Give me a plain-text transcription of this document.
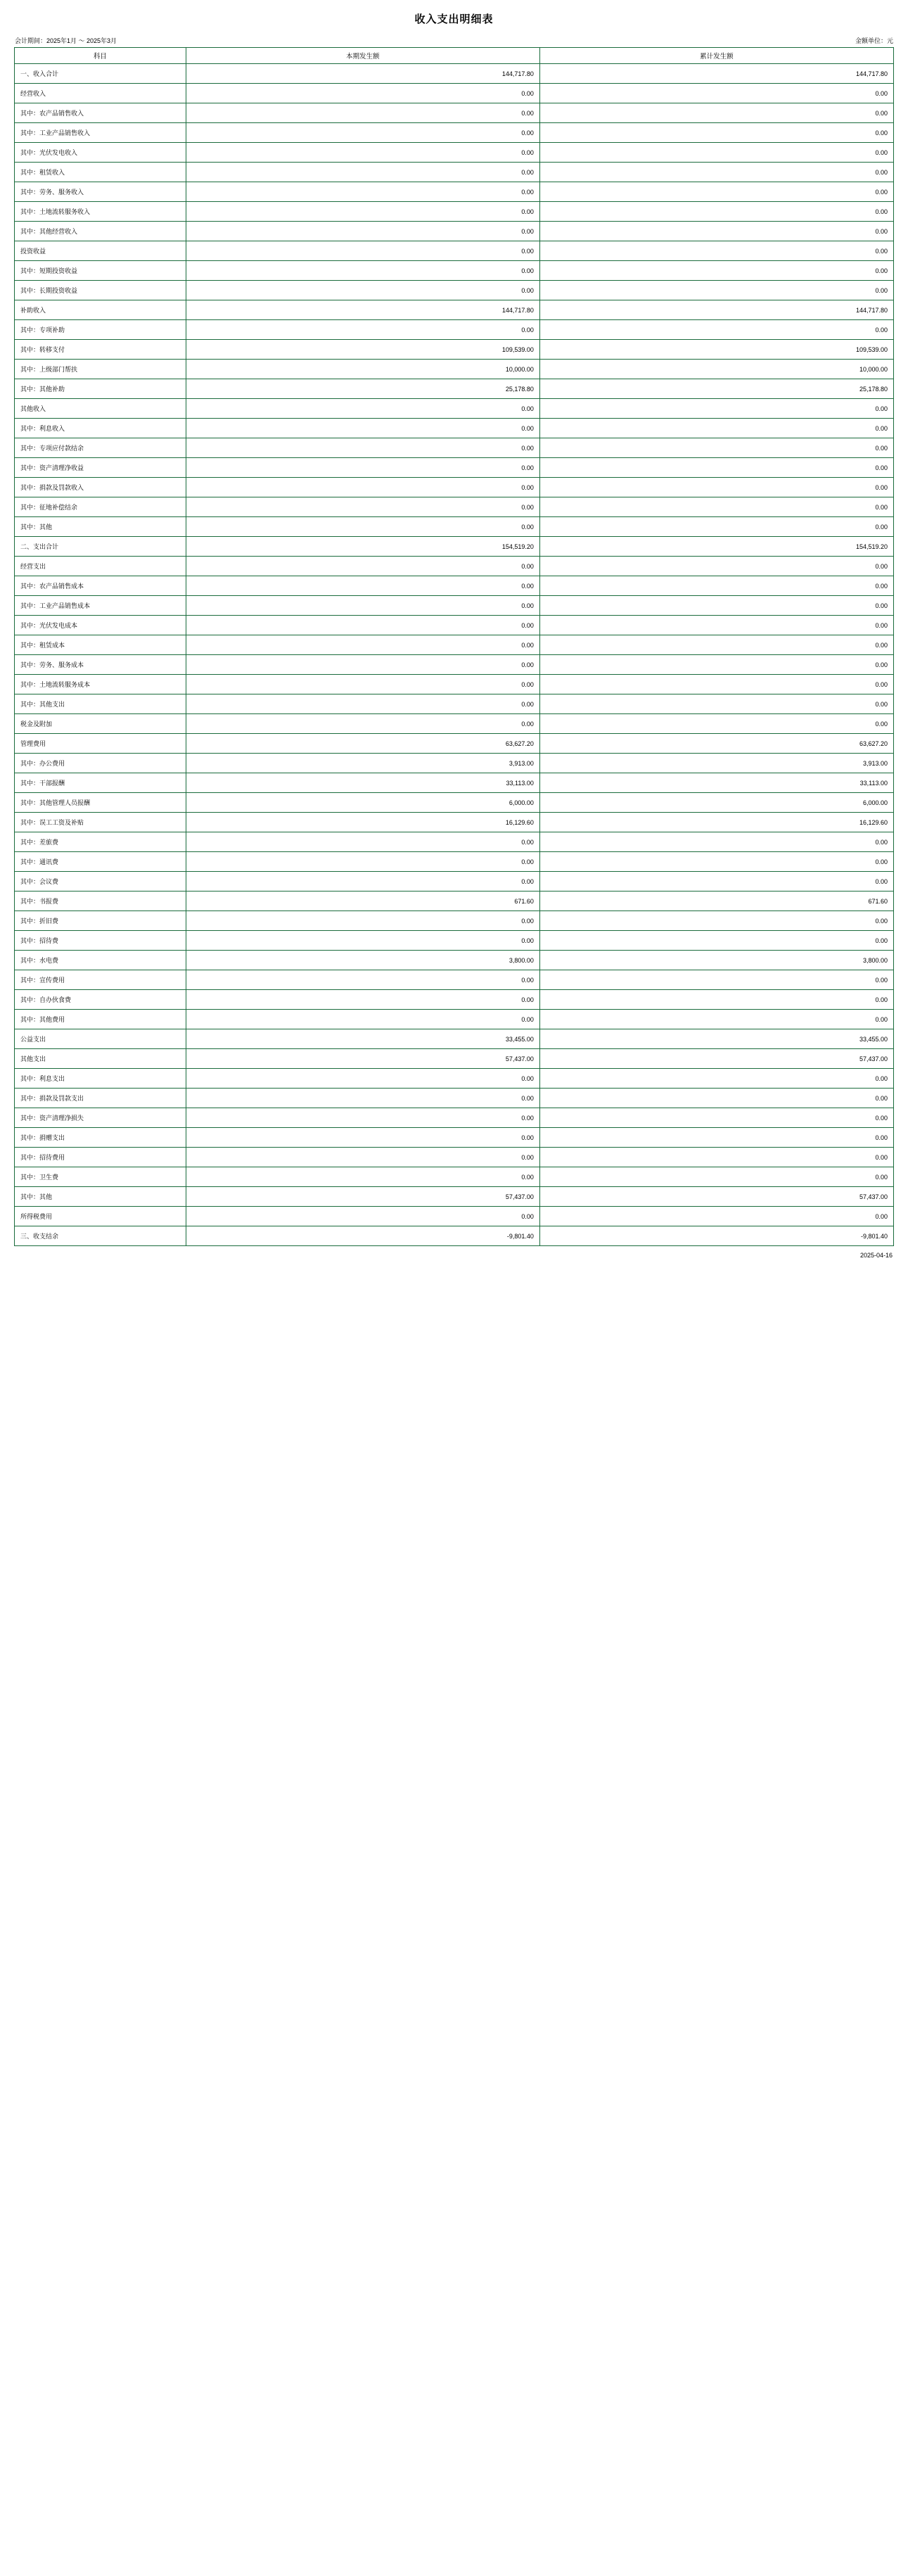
收入支出明细表
会计期间：2025年1月 ～ 2025年3月	金额单位：元
科目	本期发生额	累计发生额
一、收入合计	144,717.80	144,717.80
经营收入	0.00	0.00
其中：农产品销售收入	0.00	0.00
其中：工业产品销售收入	0.00	0.00
其中：光伏发电收入	0.00	0.00
其中：租赁收入	0.00	0.00
其中：劳务、服务收入	0.00	0.00
其中：土地流转服务收入	0.00	0.00
其中：其他经营收入	0.00	0.00
投资收益	0.00	0.00
其中：短期投资收益	0.00	0.00
其中：长期投资收益	0.00	0.00
补助收入	144,717.80	144,717.80
其中：专项补助	0.00	0.00
其中：转移支付	109,539.00	109,539.00
其中：上级部门帮扶	10,000.00	10,000.00
其中：其他补助	25,178.80	25,178.80
其他收入	0.00	0.00
其中：利息收入	0.00	0.00
其中：专项应付款结余	0.00	0.00
其中：资产清理净收益	0.00	0.00
其中：捐款及罚款收入	0.00	0.00
其中：征地补偿结余	0.00	0.00
其中：其他	0.00	0.00
二、支出合计	154,519.20	154,519.20
经营支出	0.00	0.00
其中：农产品销售成本	0.00	0.00
其中：工业产品销售成本	0.00	0.00
其中：光伏发电成本	0.00	0.00
其中：租赁成本	0.00	0.00
其中：劳务、服务成本	0.00	0.00
其中：土地流转服务成本	0.00	0.00
其中：其他支出	0.00	0.00
税金及附加	0.00	0.00
管理费用	63,627.20	63,627.20
其中：办公费用	3,913.00	3,913.00
其中：干部报酬	33,113.00	33,113.00
其中：其他管理人员报酬	6,000.00	6,000.00
其中：误工工资及补贴	16,129.60	16,129.60
其中：差旅费	0.00	0.00
其中：通讯费	0.00	0.00
其中：会议费	0.00	0.00
其中：书报费	671.60	671.60
其中：折旧费	0.00	0.00
其中：招待费	0.00	0.00
其中：水电费	3,800.00	3,800.00
其中：宣传费用	0.00	0.00
其中：自办伙食费	0.00	0.00
其中：其他费用	0.00	0.00
公益支出	33,455.00	33,455.00
其他支出	57,437.00	57,437.00
其中：利息支出	0.00	0.00
其中：捐款及罚款支出	0.00	0.00
其中：资产清理净损失	0.00	0.00
其中：捐赠支出	0.00	0.00
其中：招待费用	0.00	0.00
其中：卫生费	0.00	0.00
其中：其他	57,437.00	57,437.00
所得税费用	0.00	0.00
三、收支结余	-9,801.40	-9,801.40
2025-04-16
